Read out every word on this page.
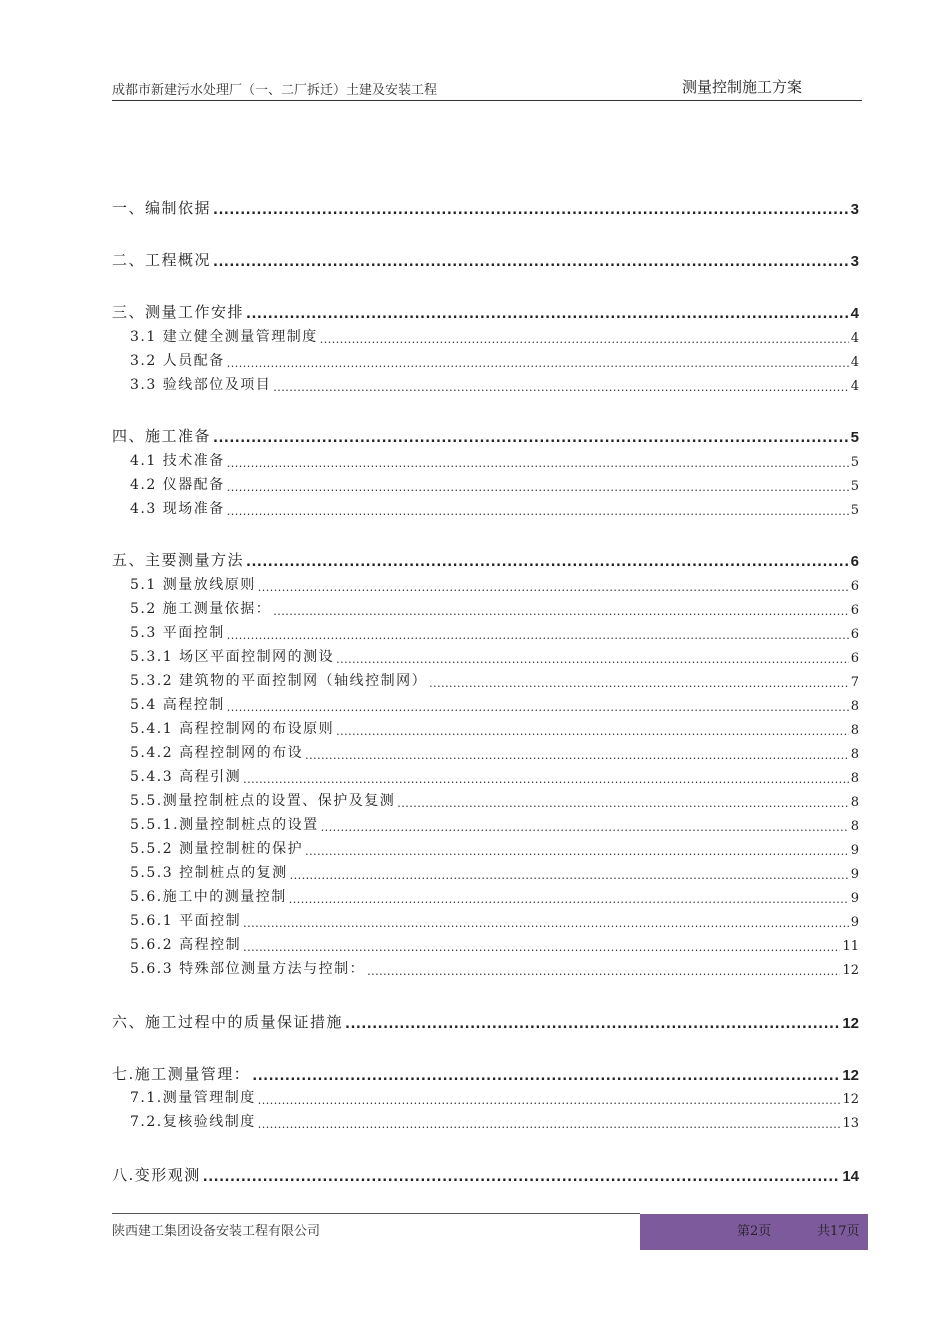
成都市新建污水处理厂（一、二厂拆迁）土建及安装工程	测量控制施工方案
一、编制依据 .....	3
二、工程概况 .....	3
三、测量工作安排 .....	4
3.1 建立健全测量管理制度 .....	4
3.2 人员配备 .....	4
3.3 验线部位及项目 .....	4
四、施工准备 .....	5
4.1 技术准备 .....	5
4.2 仪器配备 .....	5
4.3 现场准备 .....	5
五、主要测量方法 .....	6
5.1 测量放线原则 .....	6
5.2 施工测量依据： .....	6
5.3 平面控制 .....	6
5.3.1 场区平面控制网的测设 .....	6
5.3.2 建筑物的平面控制网（轴线控制网） .....	7
5.4 高程控制 .....	8
5.4.1 高程控制网的布设原则 .....	8
5.4.2 高程控制网的布设 .....	8
5.4.3 高程引测 .....	8
5.5.测量控制桩点的设置、保护及复测 .....	8
5.5.1.测量控制桩点的设置 .....	8
5.5.2 测量控制桩的保护 .....	9
5.5.3 控制桩点的复测 .....	9
5.6.施工中的测量控制 .....	9
5.6.1 平面控制 .....	9
5.6.2 高程控制 .....	11
5.6.3 特殊部位测量方法与控制： .....	12
六、施工过程中的质量保证措施 .....	12
七.施工测量管理： .....	12
7.1.测量管理制度 .....	12
7.2.复核验线制度 .....	13
八.变形观测 .....	14
陕西建工集团设备安装工程有限公司	第2页	共17页
